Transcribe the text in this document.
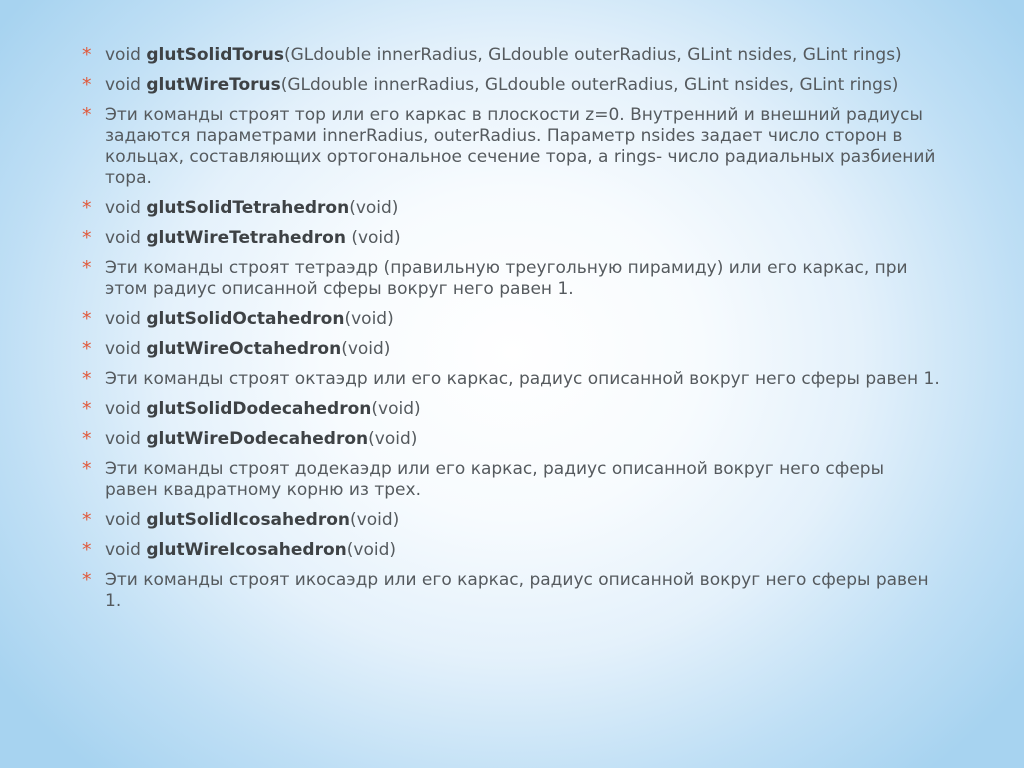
* void glutSolidTorus(GLdouble innerRadius, GLdouble outerRadius, GLint nsides, GLint rings)
* void glutWireTorus(GLdouble innerRadius, GLdouble outerRadius, GLint nsides, GLint rings)
* Эти команды строят тор или его каркас в плоскости z=0. Внутренний и внешний радиусы задаются параметрами innerRadius, outerRadius. Параметр nsides задает число сторон в кольцах, составляющих ортогональное сечение тора, а rings- число радиальных разбиений тора.
* void glutSolidTetrahedron(void)
* void glutWireTetrahedron (void)
* Эти команды строят тетраэдр (правильную треугольную пирамиду) или его каркас, при этом радиус описанной сферы вокруг него равен 1.
* void glutSolidOctahedron(void)
* void glutWireOctahedron(void)
* Эти команды строят октаэдр или его каркас, радиус описанной вокруг него сферы равен 1.
* void glutSolidDodecahedron(void)
* void glutWireDodecahedron(void)
* Эти команды строят додекаэдр или его каркас, радиус описанной вокруг него сферы равен квадратному корню из трех.
* void glutSolidIcosahedron(void)
* void glutWireIcosahedron(void)
* Эти команды строят икосаэдр или его каркас, радиус описанной вокруг него сферы равен 1.
